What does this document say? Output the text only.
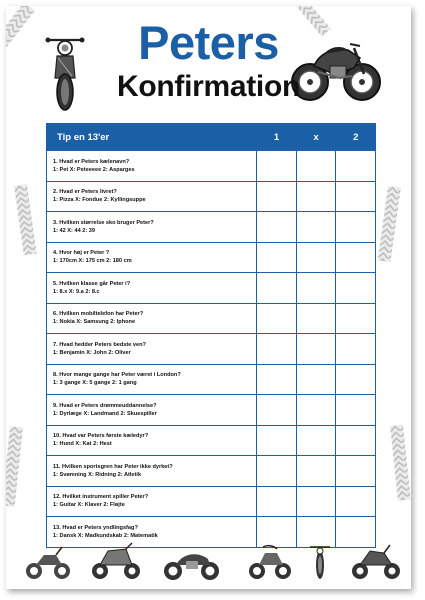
Peters
Konfirmation
Tip en 13'er	1	x	2

1. Hvad er Peters kælenavn?
1: Pet X: Peteeeee 2: Asparges			

2. Hvad er Peters livret?
1: Pizza X: Fondue 2: Kyllingsuppe			

3. Hvilken størrelse sko bruger Peter?
1: 42 X: 44 2: 39			

4. Hvor høj er Peter ?
1: 170cm X: 175 cm 2: 180 cm			

5. Hvilken klasse går Peter i?
1: 8.x X: 9.a 2: 8.c			

6. Hvilken mobiltelefon har Peter?
1: Nokia X: Samsung 2: Iphone			

7. Hvad hedder Peters bedste ven?
1: Benjamin X: John 2: Oliver			

8. Hvor mange gange har Peter været i London?
1: 3 gange X: 5 gange 2: 1 gang			

9. Hvad er Peters drømmeuddannelse?
1: Dyrlæge X: Landmand 2: Skuespiller			

10. Hvad var Peters første kæledyr?
1: Hund X: Kat 2: Hest			

11. Hvilken sportsgren har Peter ikke dyrket?
1: Svømning X: Ridning 2: Atletik			

12. Hvilket instrument spiller Peter?
1: Guitar X: Klaver 2: Fløjte			

13. Hvad er Peters yndlingsfag?
1: Dansk X: Madkundskab 2: Matematik			
